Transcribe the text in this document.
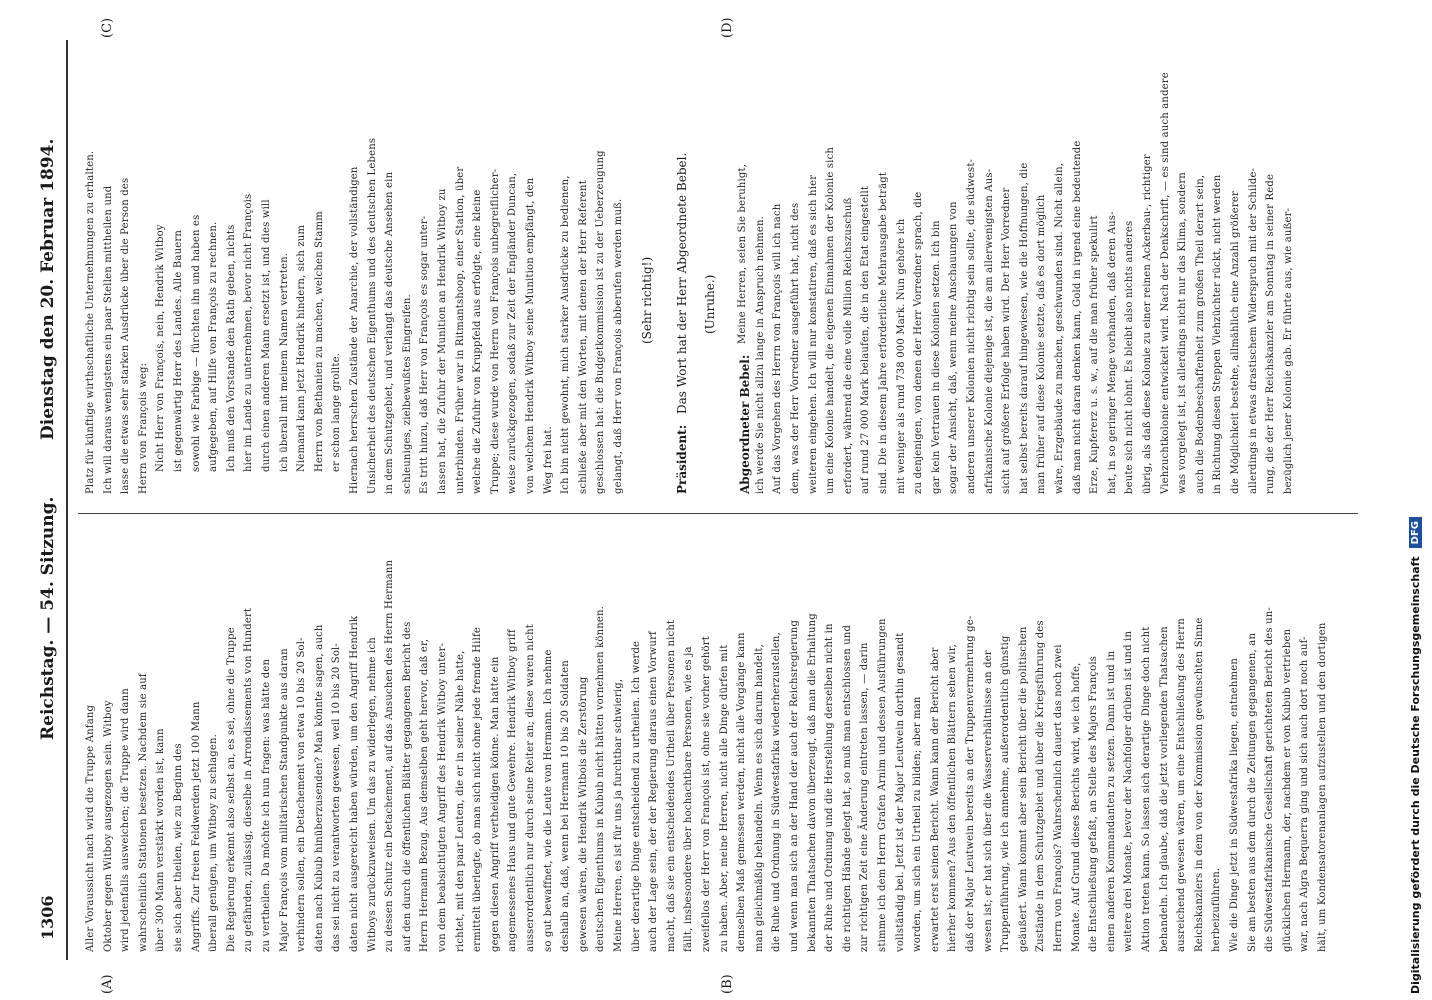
1306
Reichstag. — 54. Sitzung.
Dienstag den 20. Februar 1894.
(A)	(B)
(C)	(D)
Aller Voraussicht nach wird die Truppe Anfang Oktober gegen Witboy ausgezogen sein. Witboy wird jedenfalls ausweichen; die Truppe wird dann wahrscheinlich Stationen besetzen. Nachdem sie auf über 300 Mann verstärkt worden ist, kann sie sich aber theilen, wie zu Beginn des Angriffs. Zur freien Feldwerden jetzt 100 Mann überall genügen, um Witboy zu schlagen. Die Regierung erkennt also selbst an, es sei, ohne die Truppe zu gefährden, zulässig, dieselbe in Arrondissements von Hundert zu vertheilen. Da möchte ich nun fragen: was hätte den Major François vom militärischen Standpunkte aus daran verhindern sollen, ein Detachement von etwa 10 bis 20 Sol- daten nach Kubub hinüberzusenden? Man könnte sagen, auch das sei nicht zu verantworten gewesen, weil 10 bis 20 Sol- daten nicht ausgereicht haben würden, um den Angriff Hendrik Witboys zurückzuweisen. Um das zu widerlegen, nehme ich zu dessen Schutz ein Detachement, auf das Ansuchen des Herrn Hermann auf den durch die öffentlichen Blätter gegangenen Bericht des Herrn Hermann Bezug. Aus demselben geht hervor, daß er, von dem beabsichtigten Angriff des Hendrik Witboy unter- richtet, mit den paar Leuten, die er in seiner Nähe hatte, ermittelt überlegte, ob man sich nicht ohne jede fremde Hilfe gegen diesen Angriff vertheidigen könne. Man hatte ein angemessenes Haus und gute Gewehre. Hendrik Witboy griff ausserordentlich nur durch seine Reiter an; diese waren nicht so gut bewaffnet, wie die Leute von Hermann. Ich nehme deshalb an, daß, wenn bei Hermann 10 bis 20 Soldaten gewesen wären, die Hendrik Witbois die Zerstörung deutschen Eigenthums in Kubub nicht hätten vornehmen können. Meine Herren, es ist für uns ja furchtbar schwierig, über derartige Dinge entscheidend zu urtheilen. Ich werde auch der Lage sein, der der Regierung daraus einen Vorwurf macht, daß sie ein entscheidendes Urtheil über Personen nicht fällt, insbesondere über hochachtbare Personen, wie es ja zweifellos der Herr von François ist, ohne sie vorher gehört zu haben. Aber, meine Herren, nicht alle Dinge dürfen mit demselben Maß gemessen werden, nicht alle Vorgänge kann man gleichmäßig behandeln. Wenn es sich darum handelt, die Ruhe und Ordnung in Südwestafrika wiederherzustellen, und wenn man sich an der Hand der auch der Reichsregierung bekannten Thatsachen davon überzeugt, daß man die Erhaltung der Ruhe und Ordnung und die Herstellung derselben nicht in die richtigen Hände gelegt hat, so muß man entschlossen und zur richtigen Zeit eine Änderung eintreten lassen, — darin stimme ich dem Herrn Grafen Arnim und dessen Ausführungen vollständig bei. Jetzt ist der Major Leutwein dorthin gesandt worden, um sich ein Urtheil zu bilden; aber man erwartet erst seinen Bericht. Wann kann der Bericht aber hierher kommen? Aus den öffentlichen Blättern sehen wir, daß der Major Leutwein bereits an der Truppenvermehrung ge- wesen ist; er hat sich über die Wasserverhältnisse an der Truppenführung, wie ich annehme, außerordentlich günstig geäußert. Wann kommt aber sein Bericht über die politischen Zustände in dem Schutzgebiet und über die Kriegsführung des Herrn von François? Wahrscheinlich dauert das noch zwei Monate. Auf Grund dieses Berichts wird, wie ich hoffe, die Entschließung gefaßt, an Stelle des Majors François einen anderen Kommandanten zu setzen. Dann ist und in weitere drei Monate, bevor der Nachfolger drüben ist und in Aktion treten kann. So lassen sich derartige Dinge doch nicht behandeln. Ich glaube, daß die jetzt vorliegenden Thatsachen ausreichend gewesen wären, um eine Entschließung des Herrn Reichskanzlers in dem von der Kommission gewünschten Sinne herbeizuführen. Wie die Dinge jetzt in Südwestafrika liegen, entnehmen Sie am besten aus dem durch die Zeitungen gegangenen, an die Südwestafrikanische Gesellschaft gerichteten Bericht des un- glücklichen Hermann, der, nachdem er von Kubub vertrieben war, nach Aigra Bequerra ging und sich auch dort noch auf- hält, um Kondensatorenanlagen aufzustellen und den dortigen
Platz für künftige wirthschaftliche Unternehmungen zu erhalten. Ich will daraus wenigstens ein paar Stellen mittheilen und lasse die etwas sehr starken Ausdrücke über die Person des Herrn von François weg: Nicht Herr von François, nein, Hendrik Witboy ist gegenwärtig Herr des Landes. Alle Bauern sowohl wie Farbige — fürchten ihn und haben es aufgegeben, auf Hilfe von François zu rechnen. Ich muß den Vorstande den Rath geben, nichts hier im Lande zu unternehmen, bevor nicht François durch einen anderen Mann ersetzt ist, und dies will ich überall mit meinem Namen vertreten. Niemand kann jetzt Hendrik hindern, sich zum Herrn von Bethanien zu machen, welchen Stamm er schon lange grollte. Hiernach herrschen Zustände der Anarchie, der vollständigen Unsicherheit des deutschen Eigenthums und des deutschen Lebens in dem Schutzgebiet, und verlangt das deutsche Ansehen ein schleuniges, zielbewußtes Eingreifen. Es tritt hinzu, daß Herr von François es sogar unter- lassen hat, die Zufuhr der Munition an Hendrik Witboy zu unterbinden. Früher war in Ritmantshoop, einer Station, über welche die Zufuhr von Kruppfeld aus erfolgte, eine kleine Truppe; diese wurde von Herrn von François unbegreiflicher- weise zurückgezogen, sodaß zur Zeit der Engländer Duncan, von welchem Hendrik Witboy seine Munition empfängt, den Weg frei hat. Ich bin nicht gewohnt, mich starker Ausdrücke zu bedienen, schließe aber mit den Worten, mit denen der Herr Referent geschlossen hat: die Budgetkommission ist zu der Ueberzeugung gelangt, daß Herr von François abberufen werden muß. (Sehr richtig!)
Präsident:
Das Wort hat der Herr Abgeordnete Bebel. (Unruhe.)
Abgeordneter Bebel:
Meine Herren, seien Sie beruhigt, ich werde Sie nicht allzu lange in Anspruch nehmen. Auf das Vorgehen des Herrn von François will ich nach dem, was der Herr Vorredner ausgeführt hat, nicht des weiteren eingehen. Ich will nur konstatiren, daß es sich hier um eine Kolonie handelt, die eigenen Einnahmen der Kolonie sich erfordert, während die eine volle Million Reichszuschuß auf rund 27 000 Mark belaufen, die in den Etat eingestellt sind. Die in diesem Jahre erforderliche Mehrausgabe beträgt mit weniger als rund 738 000 Mark. Nun gehöre ich zu denjenigen, von denen der Herr Vorredner sprach, die gar kein Vertrauen in diese Kolonien setzen. Ich bin sogar der Ansicht, daß, wenn meine Anschauungen von anderen unserer Kolonien nicht richtig sein sollte, die südwest- afrikanische Kolonie diejenige ist, die am allerwenigsten Aus- sicht auf größere Erfolge haben wird. Der Herr Vorredner hat selbst bereits darauf hingewiesen, wie die Hoffnungen, die man früher auf diese Kolonie setzte, daß es dort möglich wäre, Erzgebäude zu machen, geschwunden sind. Nicht allein, daß man nicht daran denken kann, Gold in irgend eine bedeutende Erze, Kupfererz u. s. w., auf die man früher spekulirt hat, in so geringer Menge vorhanden, daß deren Aus- beute sich nicht lohnt. Es bleibt also nichts anderes übrig, als daß diese Kolonie zu einer reinen Ackerbau-, richtiger Viehzuchtkolonie entwickelt wird. Nach der Denkschrift, — es sind auch andere was vorgelegt ist, ist allerdings nicht nur das Klima, sondern auch die Bodenbeschaffenheit zum großen Theil derart sein, in Richtung diesen Steppen Viehzüchter rückt, nicht werden die Möglichkeit bestehe, allmählich eine Anzahl größerer allerdings in etwas drastischem Widerspruch mit der Schilde- rung, die der Herr Reichskanzler am Sonntag in seiner Rede bezüglich jener Kolonie gab. Er führte aus, wie außer-
Digitalisierung gefördert durch die Deutsche Forschungsgemeinschaft
DFG
